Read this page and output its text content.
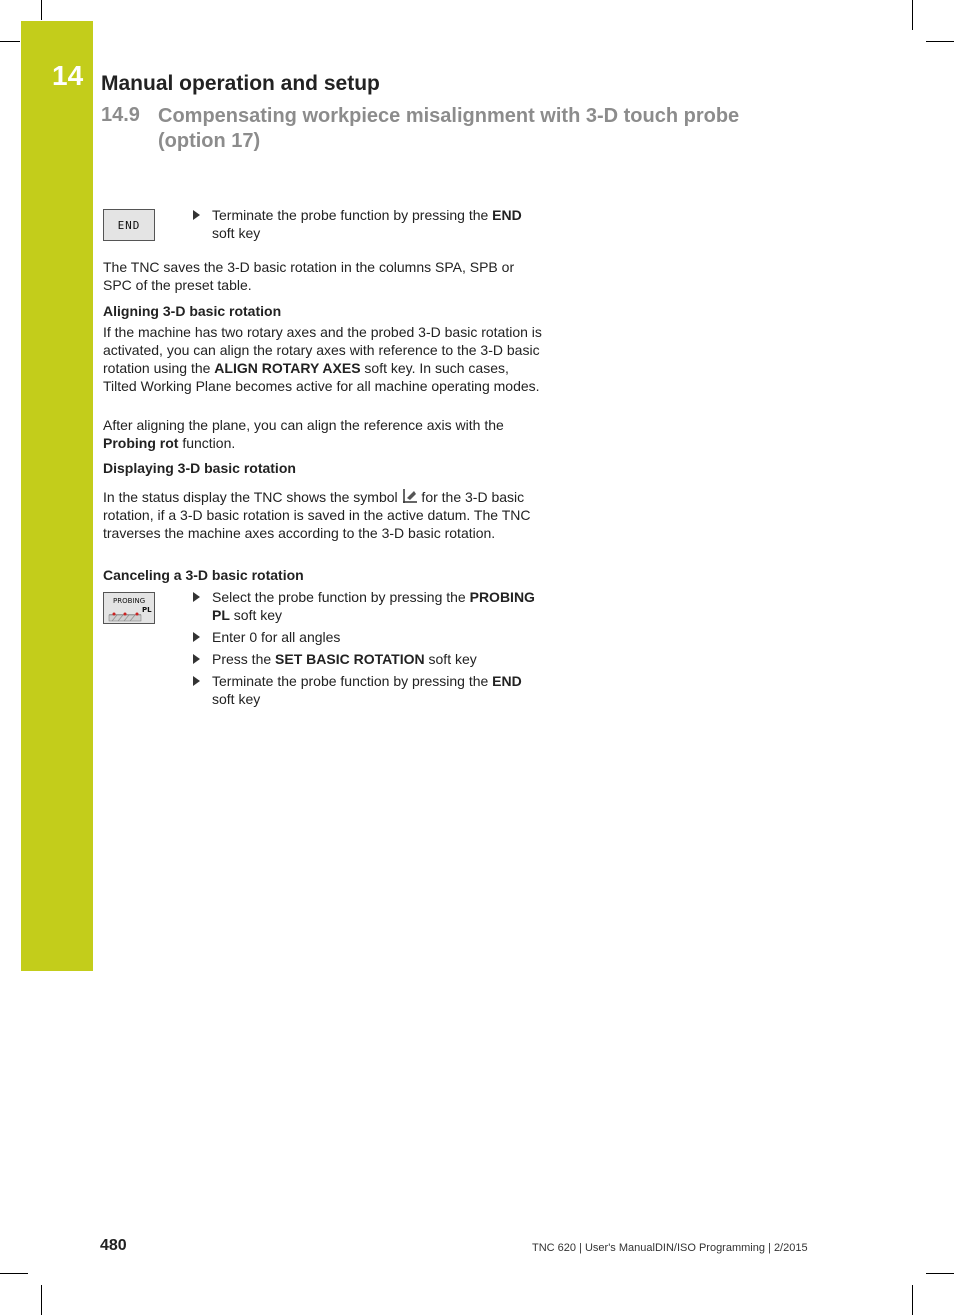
14 Manual operation and setup
14.9 Compensating workpiece misalignment with 3-D touch probe (option 17)
END
Terminate the probe function by pressing the END soft key
The TNC saves the 3-D basic rotation in the columns SPA, SPB or SPC of the preset table.
Aligning 3-D basic rotation
If the machine has two rotary axes and the probed 3-D basic rotation is activated, you can align the rotary axes with reference to the 3-D basic rotation using the ALIGN ROTARY AXES soft key. In such cases, Tilted Working Plane becomes active for all machine operating modes.
After aligning the plane, you can align the reference axis with the Probing rot function.
Displaying 3-D basic rotation
In the status display the TNC shows the symbol  for the 3-D basic rotation, if a 3-D basic rotation is saved in the active datum. The TNC traverses the machine axes according to the 3-D basic rotation.
Canceling a 3-D basic rotation
PROBING
PL
Select the probe function by pressing the PROBING PL soft key
Enter 0 for all angles
Press the SET BASIC ROTATION soft key
Terminate the probe function by pressing the END soft key
480	TNC 620 | User's ManualDIN/ISO Programming | 2/2015
